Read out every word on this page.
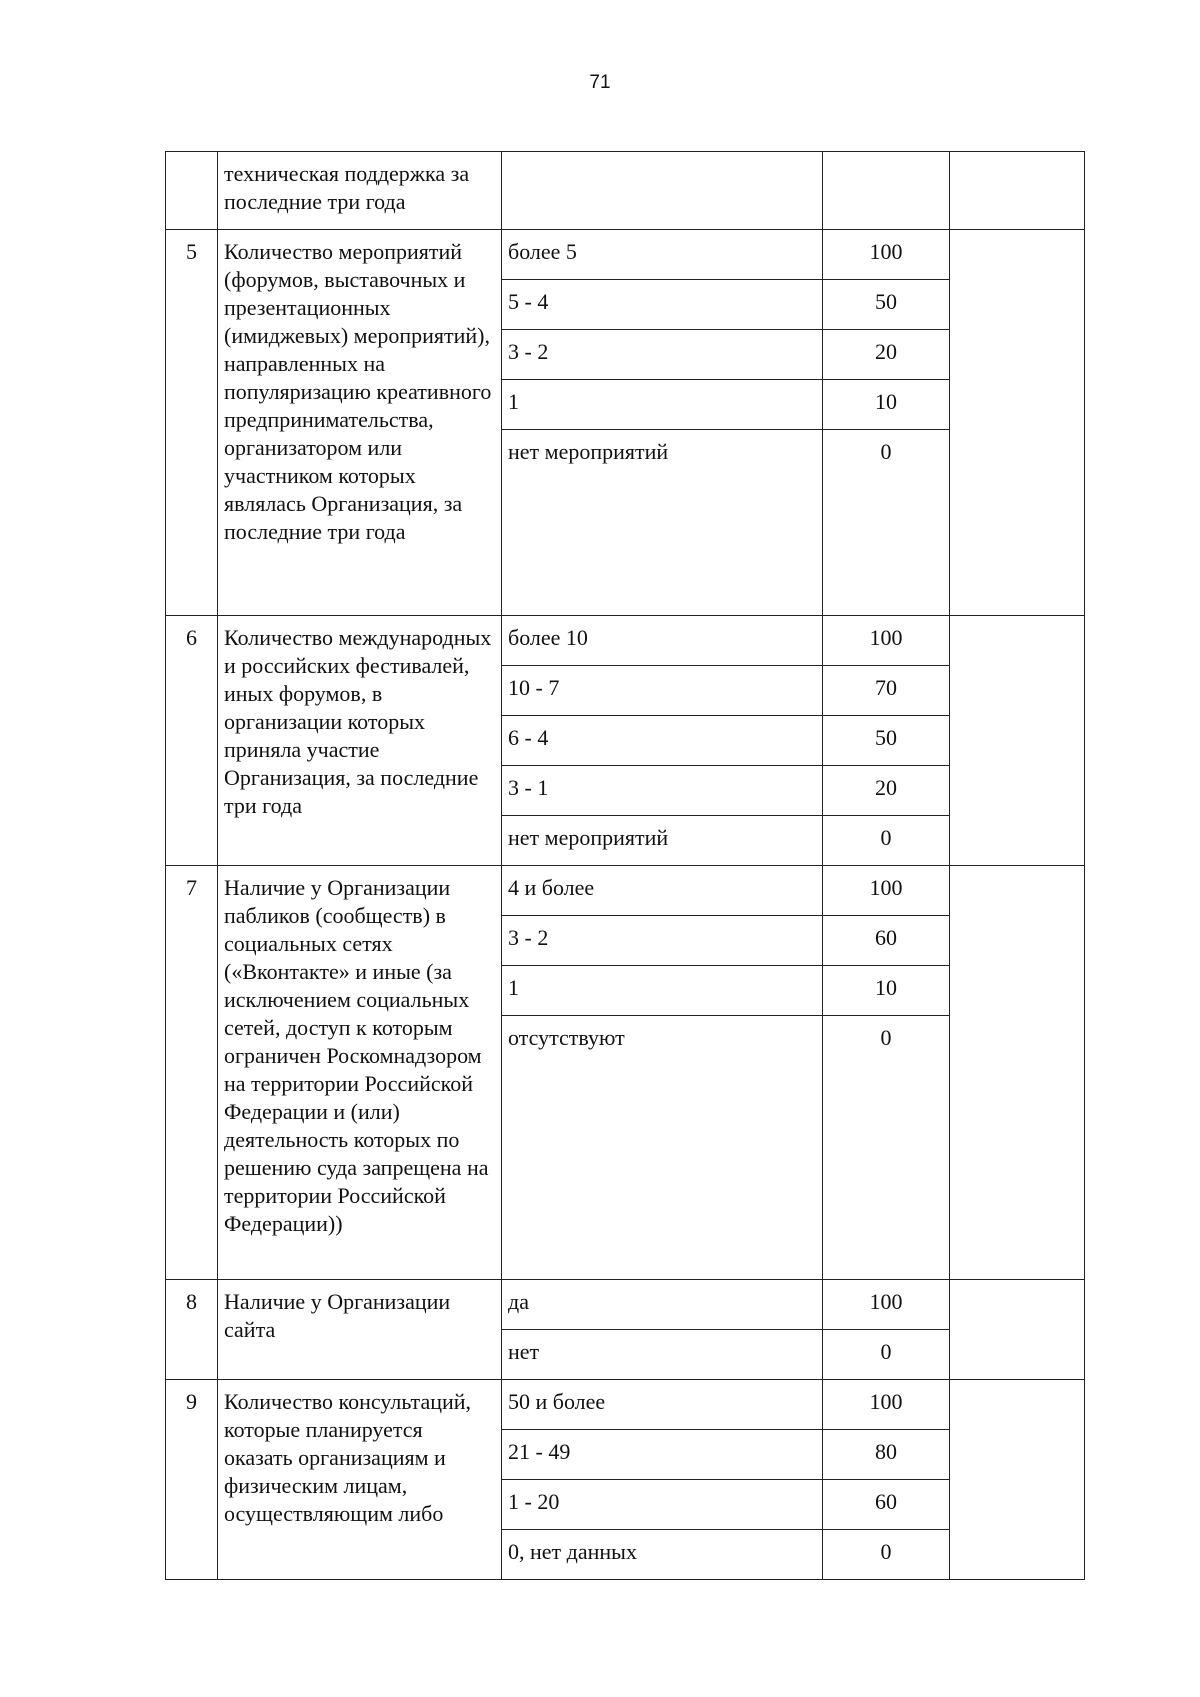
71
	техническая поддержка за последние три года			
5	Количество мероприятий (форумов, выставочных и презентационных (имиджевых) мероприятий), направленных на популяризацию креативного предпринимательства, организатором или участником которых являлась Организация, за последние три года	более 5	100	
		5 - 4	50	
		3 - 2	20	
		1	10	
		нет мероприятий	0	
6	Количество международных и российских фестивалей, иных форумов, в организации которых приняла участие Организация, за последние три года	более 10	100	
		10 - 7	70	
		6 - 4	50	
		3 - 1	20	
		нет мероприятий	0	
7	Наличие у Организации пабликов (сообществ) в социальных сетях («Вконтакте» и иные (за исключением социальных сетей, доступ к которым ограничен Роскомнадзором на территории Российской Федерации и (или) деятельность которых по решению суда запрещена на территории Российской Федерации))	4 и более	100	
		3 - 2	60	
		1	10	
		отсутствуют	0	
8	Наличие у Организации сайта	да	100	
		нет	0	
9	Количество консультаций, которые планируется оказать организациям и физическим лицам, осуществляющим либо	50 и более	100	
		21 - 49	80	
		1 - 20	60	
		0, нет данных	0	
